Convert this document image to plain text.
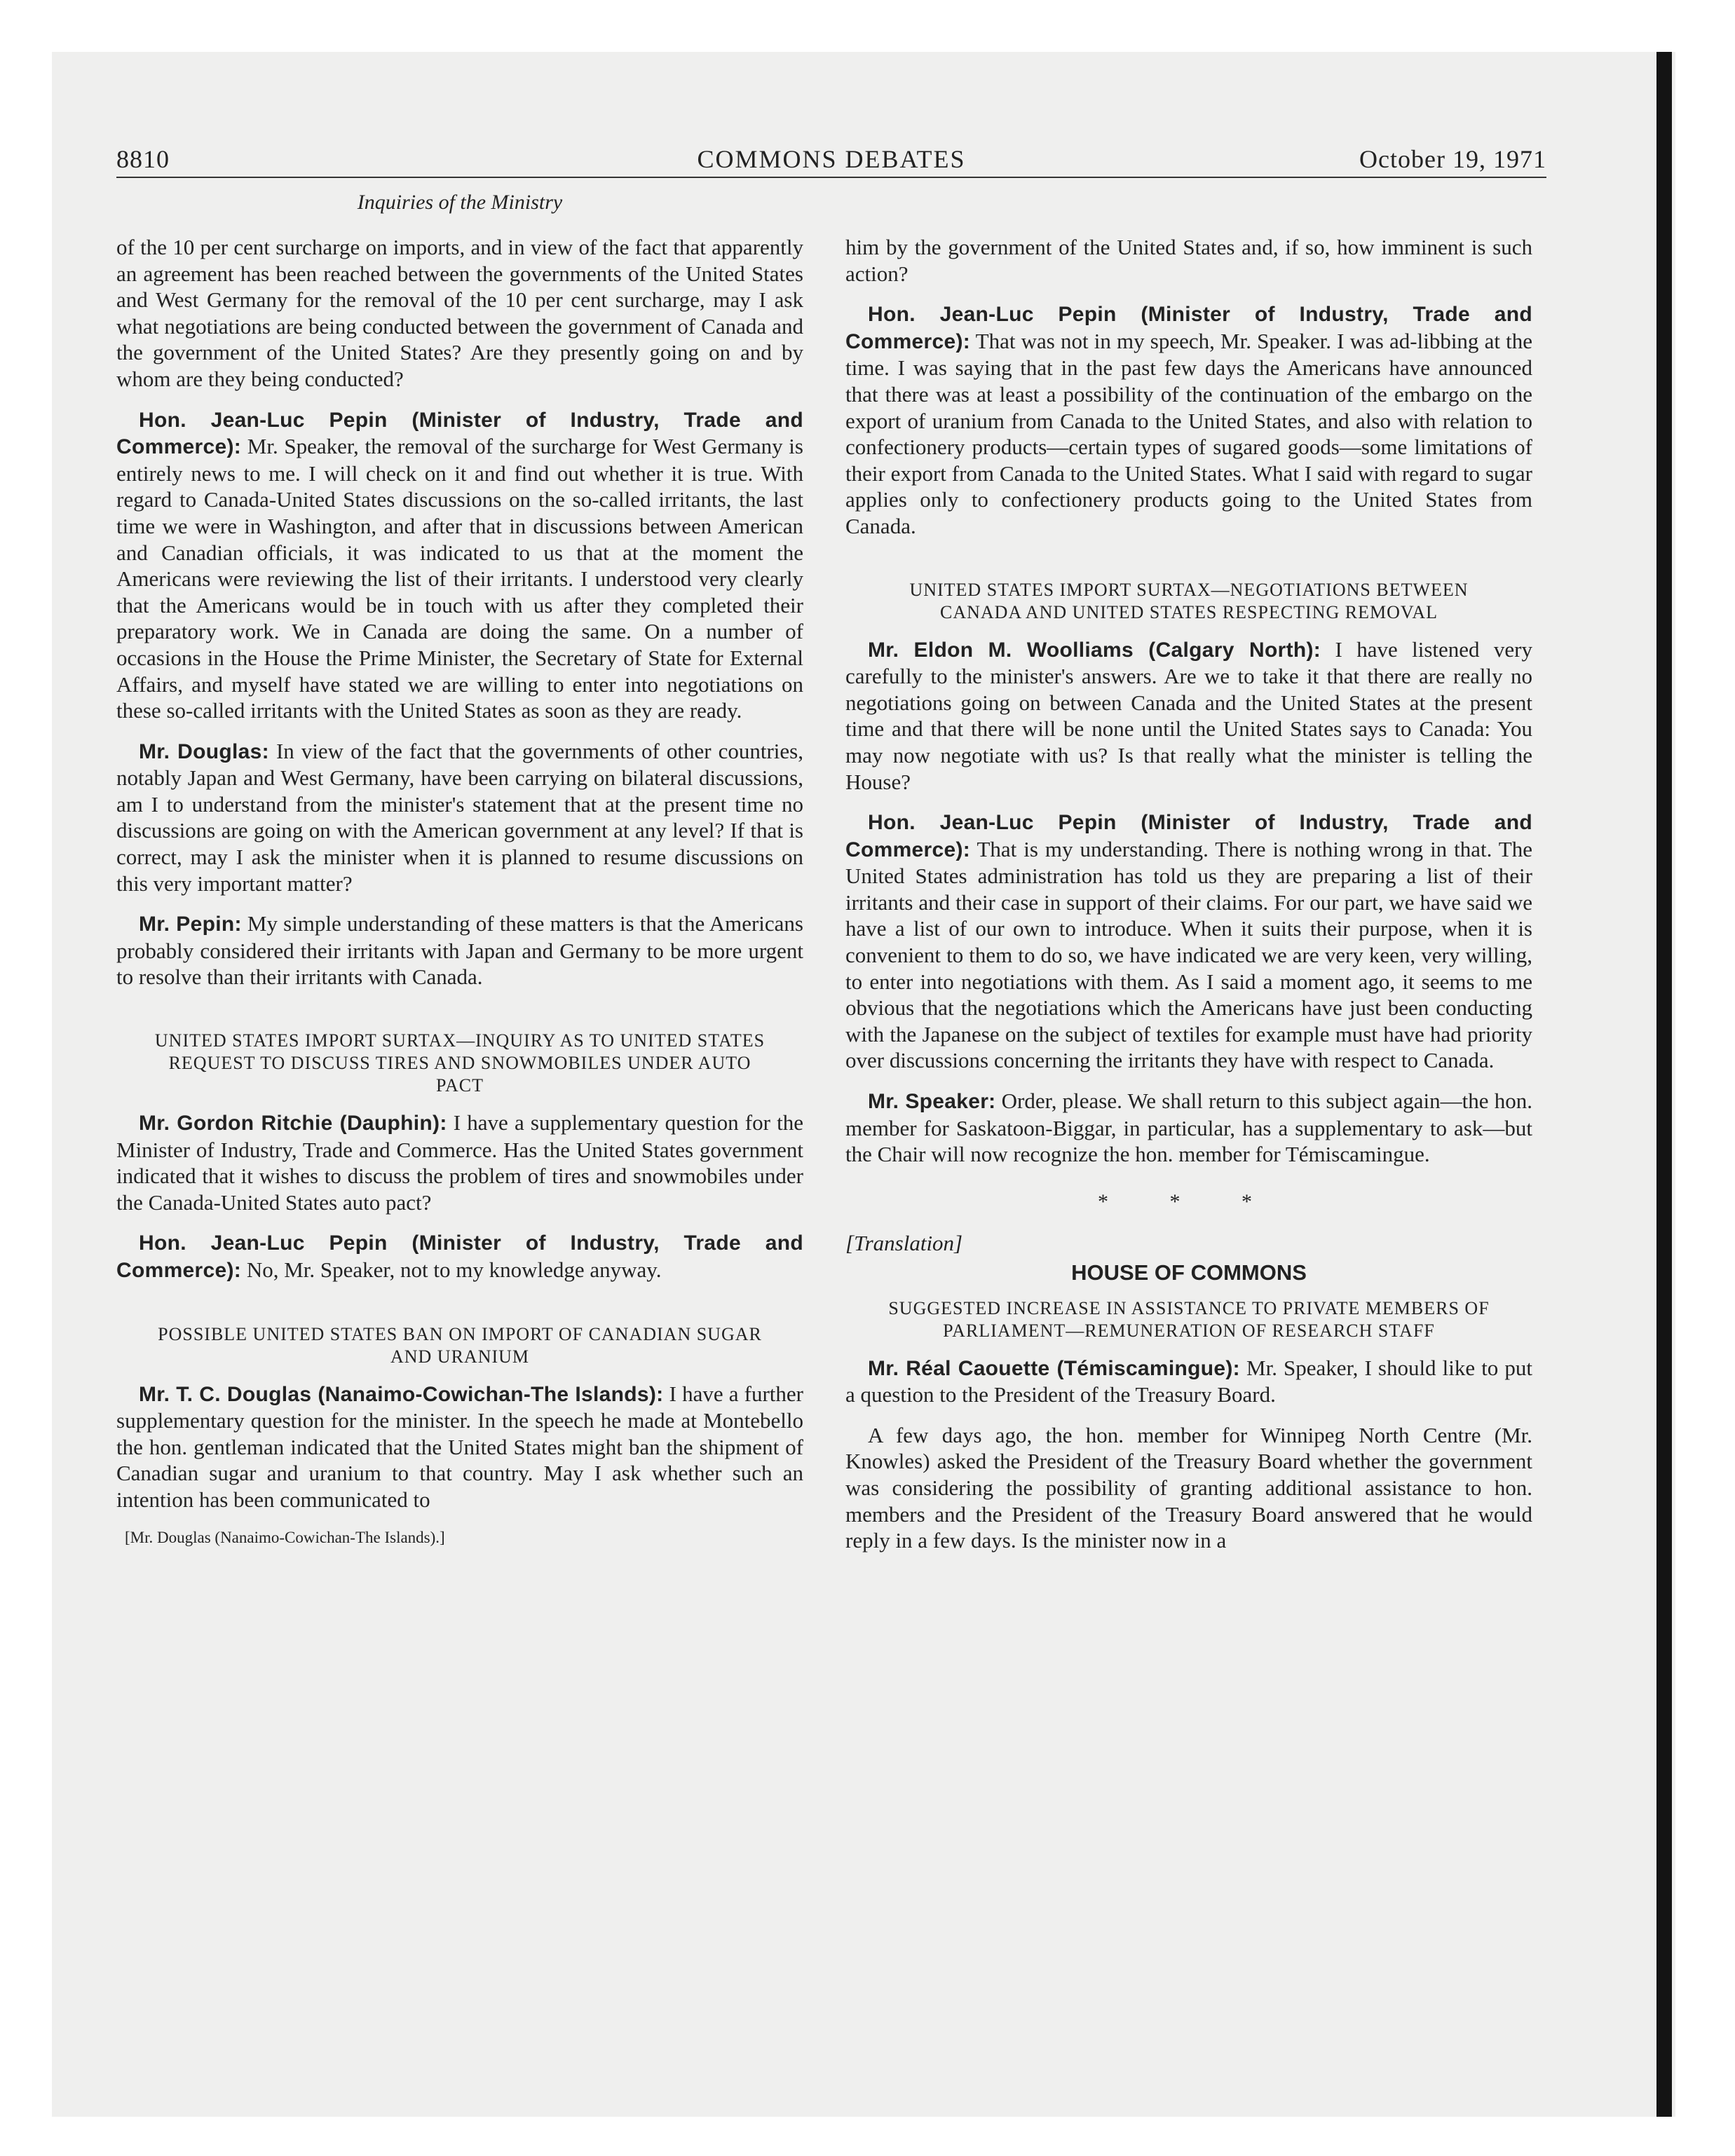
8810	COMMONS DEBATES	October 19, 1971
Inquiries of the Ministry

of the 10 per cent surcharge on imports, and in view of the fact that apparently an agreement has been reached between the governments of the United States and West Germany for the removal of the 10 per cent surcharge, may I ask what negotiations are being conducted between the government of Canada and the government of the United States? Are they presently going on and by whom are they being conducted?

Hon. Jean-Luc Pepin (Minister of Industry, Trade and Commerce): Mr. Speaker, the removal of the surcharge for West Germany is entirely news to me. I will check on it and find out whether it is true. With regard to Canada-United States discussions on the so-called irritants, the last time we were in Washington, and after that in discussions between American and Canadian officials, it was indicated to us that at the moment the Americans were reviewing the list of their irritants. I understood very clearly that the Americans would be in touch with us after they completed their preparatory work. We in Canada are doing the same. On a number of occasions in the House the Prime Minister, the Secretary of State for External Affairs, and myself have stated we are willing to enter into negotiations on these so-called irritants with the United States as soon as they are ready.

Mr. Douglas: In view of the fact that the governments of other countries, notably Japan and West Germany, have been carrying on bilateral discussions, am I to understand from the minister's statement that at the present time no discussions are going on with the American government at any level? If that is correct, may I ask the minister when it is planned to resume discussions on this very important matter?

Mr. Pepin: My simple understanding of these matters is that the Americans probably considered their irritants with Japan and Germany to be more urgent to resolve than their irritants with Canada.

UNITED STATES IMPORT SURTAX—INQUIRY AS TO UNITED STATES REQUEST TO DISCUSS TIRES AND SNOWMOBILES UNDER AUTO PACT

Mr. Gordon Ritchie (Dauphin): I have a supplementary question for the Minister of Industry, Trade and Commerce. Has the United States government indicated that it wishes to discuss the problem of tires and snowmobiles under the Canada-United States auto pact?

Hon. Jean-Luc Pepin (Minister of Industry, Trade and Commerce): No, Mr. Speaker, not to my knowledge anyway.

POSSIBLE UNITED STATES BAN ON IMPORT OF CANADIAN SUGAR AND URANIUM

Mr. T. C. Douglas (Nanaimo-Cowichan-The Islands): I have a further supplementary question for the minister. In the speech he made at Montebello the hon. gentleman indicated that the United States might ban the shipment of Canadian sugar and uranium to that country. May I ask whether such an intention has been communicated to

[Mr. Douglas (Nanaimo-Cowichan-The Islands).]

him by the government of the United States and, if so, how imminent is such action?

Hon. Jean-Luc Pepin (Minister of Industry, Trade and Commerce): That was not in my speech, Mr. Speaker. I was ad-libbing at the time. I was saying that in the past few days the Americans have announced that there was at least a possibility of the continuation of the embargo on the export of uranium from Canada to the United States, and also with relation to confectionery products—certain types of sugared goods—some limitations of their export from Canada to the United States. What I said with regard to sugar applies only to confectionery products going to the United States from Canada.

UNITED STATES IMPORT SURTAX—NEGOTIATIONS BETWEEN CANADA AND UNITED STATES RESPECTING REMOVAL

Mr. Eldon M. Woolliams (Calgary North): I have listened very carefully to the minister's answers. Are we to take it that there are really no negotiations going on between Canada and the United States at the present time and that there will be none until the United States says to Canada: You may now negotiate with us? Is that really what the minister is telling the House?

Hon. Jean-Luc Pepin (Minister of Industry, Trade and Commerce): That is my understanding. There is nothing wrong in that. The United States administration has told us they are preparing a list of their irritants and their case in support of their claims. For our part, we have said we have a list of our own to introduce. When it suits their purpose, when it is convenient to them to do so, we have indicated we are very keen, very willing, to enter into negotiations with them. As I said a moment ago, it seems to me obvious that the negotiations which the Americans have just been conducting with the Japanese on the subject of textiles for example must have had priority over discussions concerning the irritants they have with respect to Canada.

Mr. Speaker: Order, please. We shall return to this subject again—the hon. member for Saskatoon-Biggar, in particular, has a supplementary to ask—but the Chair will now recognize the hon. member for Témiscamingue.

* * *

[Translation]

HOUSE OF COMMONS
SUGGESTED INCREASE IN ASSISTANCE TO PRIVATE MEMBERS OF PARLIAMENT—REMUNERATION OF RESEARCH STAFF

Mr. Réal Caouette (Témiscamingue): Mr. Speaker, I should like to put a question to the President of the Treasury Board.

A few days ago, the hon. member for Winnipeg North Centre (Mr. Knowles) asked the President of the Treasury Board whether the government was considering the possibility of granting additional assistance to hon. members and the President of the Treasury Board answered that he would reply in a few days. Is the minister now in a
